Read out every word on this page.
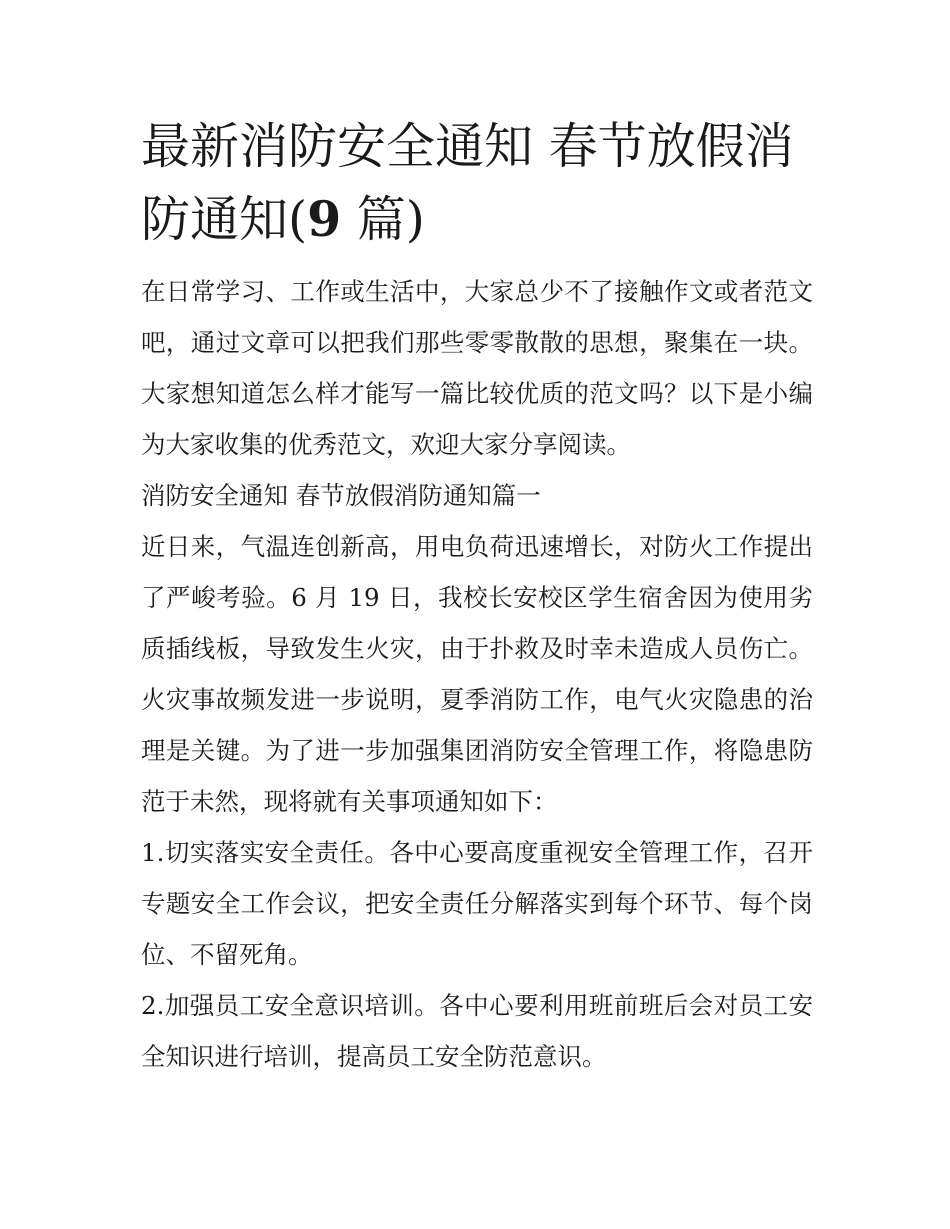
最新消防安全通知 春节放假消防通知(9 篇)

在日常学习、工作或生活中，大家总少不了接触作文或者范文吧，通过文章可以把我们那些零零散散的思想，聚集在一块。大家想知道怎么样才能写一篇比较优质的范文吗？以下是小编为大家收集的优秀范文，欢迎大家分享阅读。

消防安全通知 春节放假消防通知篇一

近日来，气温连创新高，用电负荷迅速增长，对防火工作提出了严峻考验。6 月 19 日，我校长安校区学生宿舍因为使用劣质插线板，导致发生火灾，由于扑救及时幸未造成人员伤亡。火灾事故频发进一步说明，夏季消防工作，电气火灾隐患的治理是关键。为了进一步加强集团消防安全管理工作，将隐患防范于未然，现将就有关事项通知如下：

1.切实落实安全责任。各中心要高度重视安全管理工作，召开专题安全工作会议，把安全责任分解落实到每个环节、每个岗位、不留死角。

2.加强员工安全意识培训。各中心要利用班前班后会对员工安全知识进行培训，提高员工安全防范意识。
